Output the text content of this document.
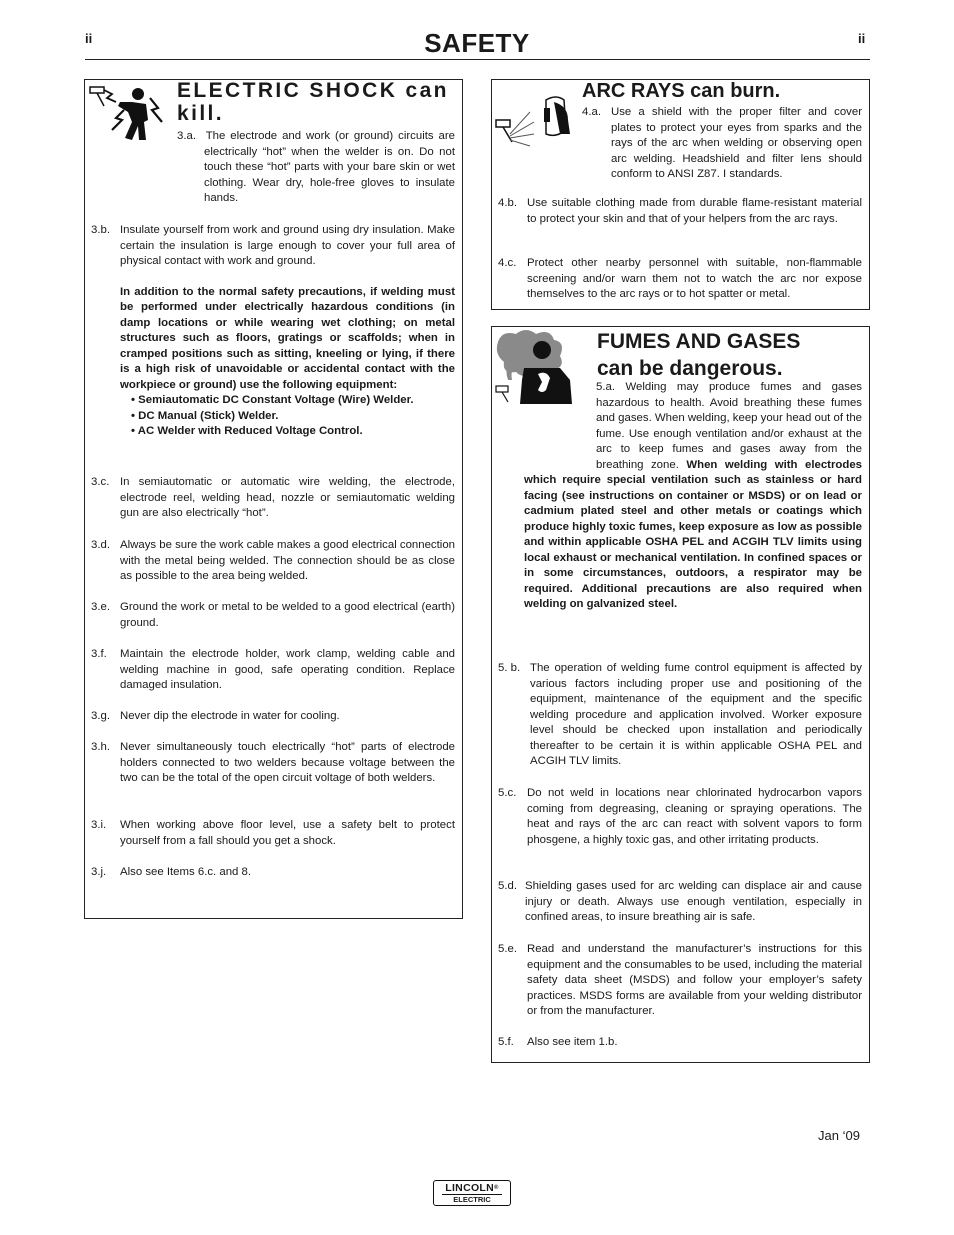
ii	ii
SAFETY
ELECTRIC SHOCK can kill.
3.a. The electrode and work (or ground) circuits are electrically “hot” when the welder is on. Do not touch these “hot” parts with your bare skin or wet clothing. Wear dry, hole-free gloves to insulate hands.
3.b. Insulate yourself from work and ground using dry insulation. Make certain the insulation is large enough to cover your full area of physical contact with work and ground.
In addition to the normal safety precautions, if welding must be performed under electrically hazardous conditions (in damp locations or while wearing wet clothing; on metal structures such as floors, gratings or scaffolds; when in cramped positions such as sitting, kneeling or lying, if there is a high risk of unavoidable or accidental contact with the workpiece or ground) use the following equipment:
• Semiautomatic DC Constant Voltage (Wire) Welder.
• DC Manual (Stick) Welder.
• AC Welder with Reduced Voltage Control.
3.c. In semiautomatic or automatic wire welding, the electrode, electrode reel, welding head, nozzle or semiautomatic welding gun are also electrically “hot”.
3.d. Always be sure the work cable makes a good electrical connection with the metal being welded. The connection should be as close as possible to the area being welded.
3.e. Ground the work or metal to be welded to a good electrical (earth) ground.
3.f.	Maintain the electrode holder, work clamp, welding cable and welding machine in good, safe operating condition. Replace damaged insulation.
3.g. Never dip the electrode in water for cooling.
3.h. Never simultaneously touch electrically “hot” parts of electrode holders connected to two welders because voltage between the two can be the total of the open circuit voltage of both welders.
3.i.	When working above floor level, use a safety belt to protect yourself from a fall should you get a shock.
3.j.	Also see Items 6.c. and 8.
ARC RAYS can burn.
4.a. Use a shield with the proper filter and cover plates to protect your eyes from sparks and the rays of the arc when welding or observing open arc welding. Headshield and filter lens should conform to ANSI Z87. I standards.
4.b. Use suitable clothing made from durable flame-resistant material to protect your skin and that of your helpers from the arc rays.
4.c. Protect other nearby personnel with suitable, non-flammable screening and/or warn them not to watch the arc nor expose themselves to the arc rays or to hot spatter or metal.
FUMES AND GASES
can be dangerous.
5.a. Welding may produce fumes and gases hazardous to health. Avoid breathing these fumes and gases. When welding, keep your head out of the fume. Use enough ventilation and/or exhaust at the arc to keep fumes and gases away from the breathing zone. When welding with electrodes which require special ventilation such as stainless or hard facing (see instructions on container or MSDS) or on lead or cadmium plated steel and other metals or coatings which produce highly toxic fumes, keep exposure as low as possible and within applicable OSHA PEL and ACGIH TLV limits using local exhaust or mechanical ventilation. In confined spaces or in some circumstances, outdoors, a respirator may be required. Additional precautions are also required when welding on galvanized steel.
5. b. The operation of welding fume control equipment is affected by various factors including proper use and positioning of the equipment, maintenance of the equipment and the specific welding procedure and application involved. Worker exposure level should be checked upon installation and periodically thereafter to be certain it is within applicable OSHA PEL and ACGIH TLV limits.
5.c. Do not weld in locations near chlorinated hydrocarbon vapors coming from degreasing, cleaning or spraying operations. The heat and rays of the arc can react with solvent vapors to form phosgene, a highly toxic gas, and other irritating products.
5.d. Shielding gases used for arc welding can displace air and cause injury or death. Always use enough ventilation, especially in confined areas, to insure breathing air is safe.
5.e. Read and understand the manufacturer’s instructions for this equipment and the consumables to be used, including the material safety data sheet (MSDS) and follow your employer’s safety practices. MSDS forms are available from your welding distributor or from the manufacturer.
5.f.	Also see item 1.b.
Jan ‘09
LINCOLN®
ELECTRIC
